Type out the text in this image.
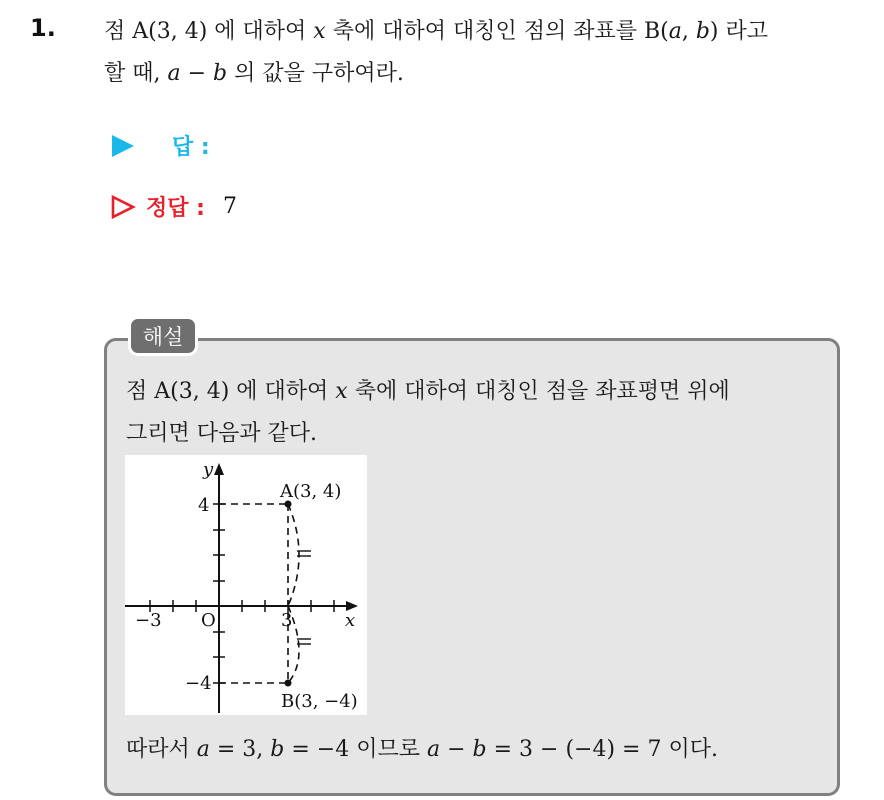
1. 점 A(3, 4) 에 대하여 x 축에 대하여 대칭인 점의 좌표를 B(a, b) 라고
할 때, a − b 의 값을 구하여라.
답 :
정답 : 7
해설
점 A(3, 4) 에 대하여 x 축에 대하여 대칭인 점을 좌표평면 위에
그리면 다음과 같다.
y
x
O
4
−4
−3	3
A(3, 4)
B(3, −4)
따라서 a = 3, b = −4 이므로 a − b = 3 − (−4) = 7 이다.
